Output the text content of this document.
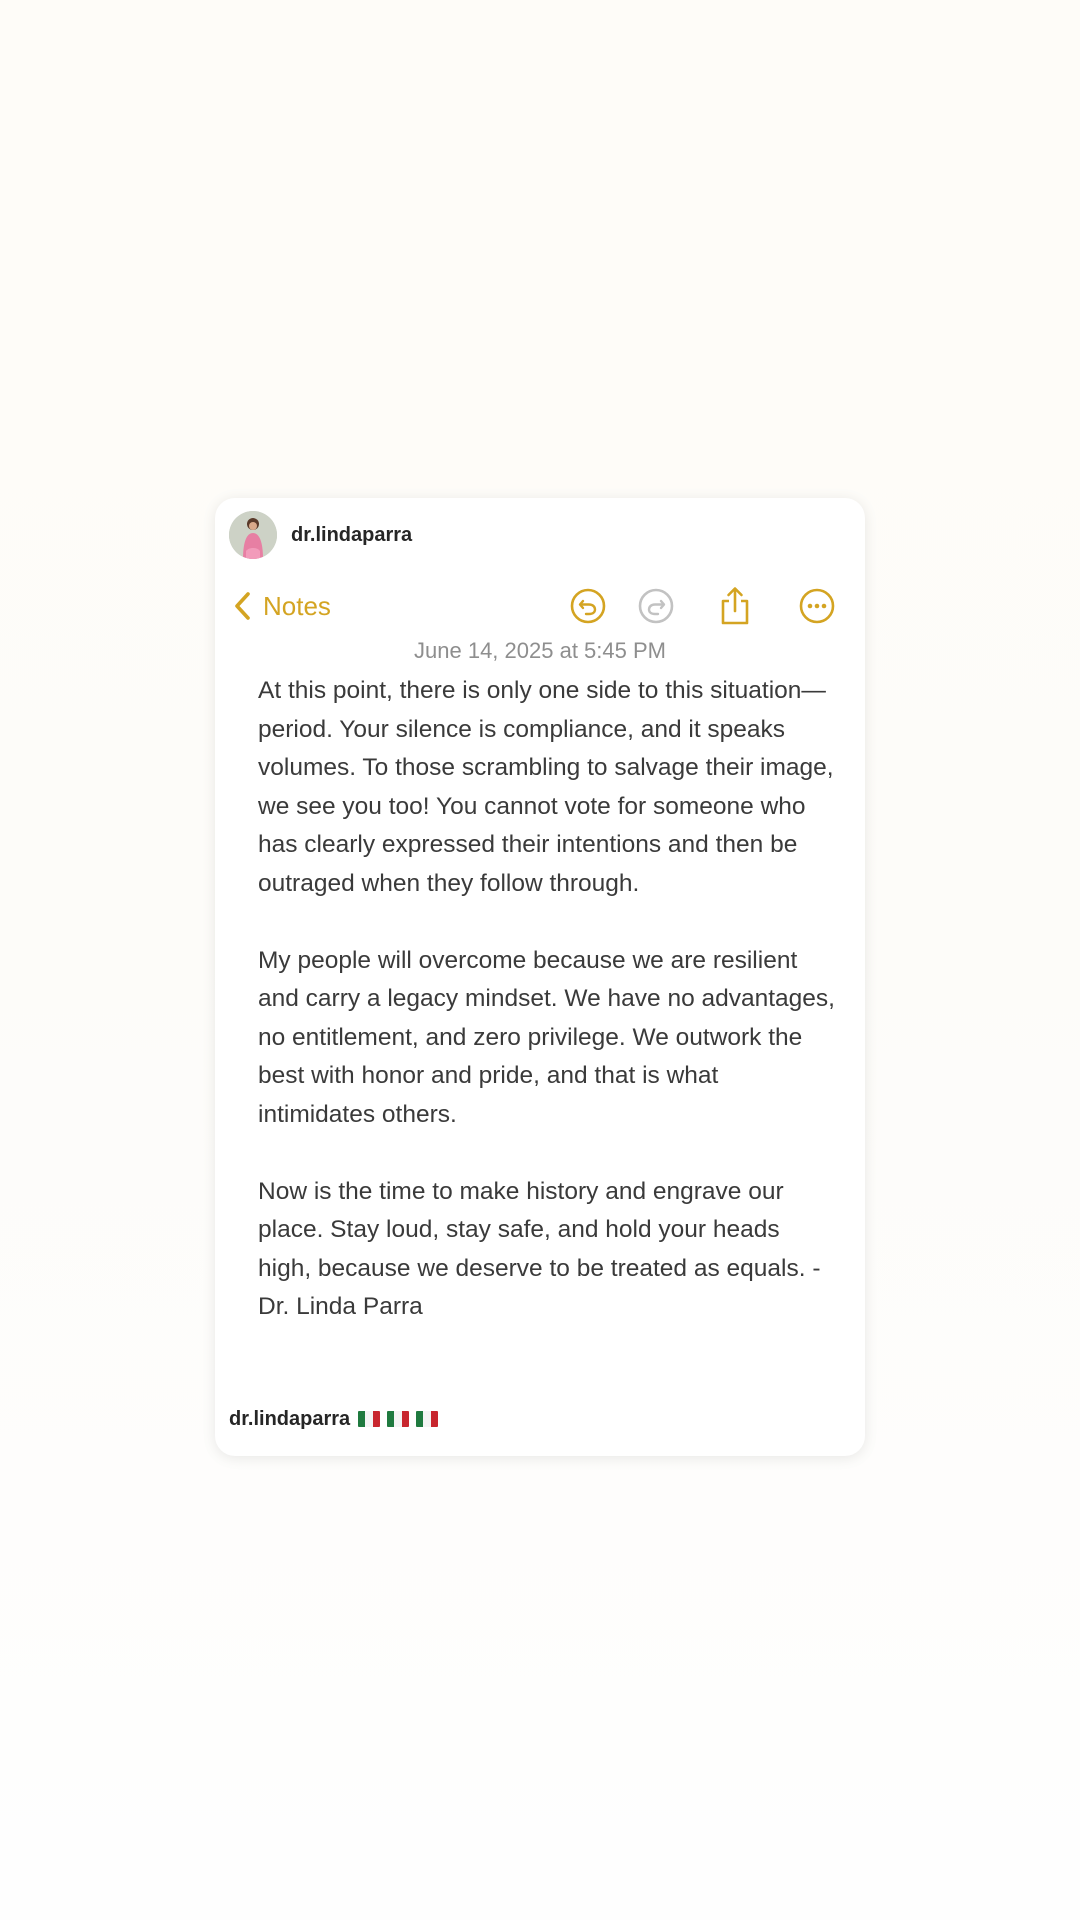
dr.lindaparra
Notes
June 14, 2025 at 5:45 PM

At this point, there is only one side to this situation—period. Your silence is compliance, and it speaks volumes. To those scrambling to salvage their image, we see you too! You cannot vote for someone who has clearly expressed their intentions and then be outraged when they follow through.

My people will overcome because we are resilient and carry a legacy mindset. We have no advantages, no entitlement, and zero privilege. We outwork the best with honor and pride, and that is what intimidates others.

Now is the time to make history and engrave our place. Stay loud, stay safe, and hold your heads high, because we deserve to be treated as equals. - Dr. Linda Parra

dr.lindaparra
